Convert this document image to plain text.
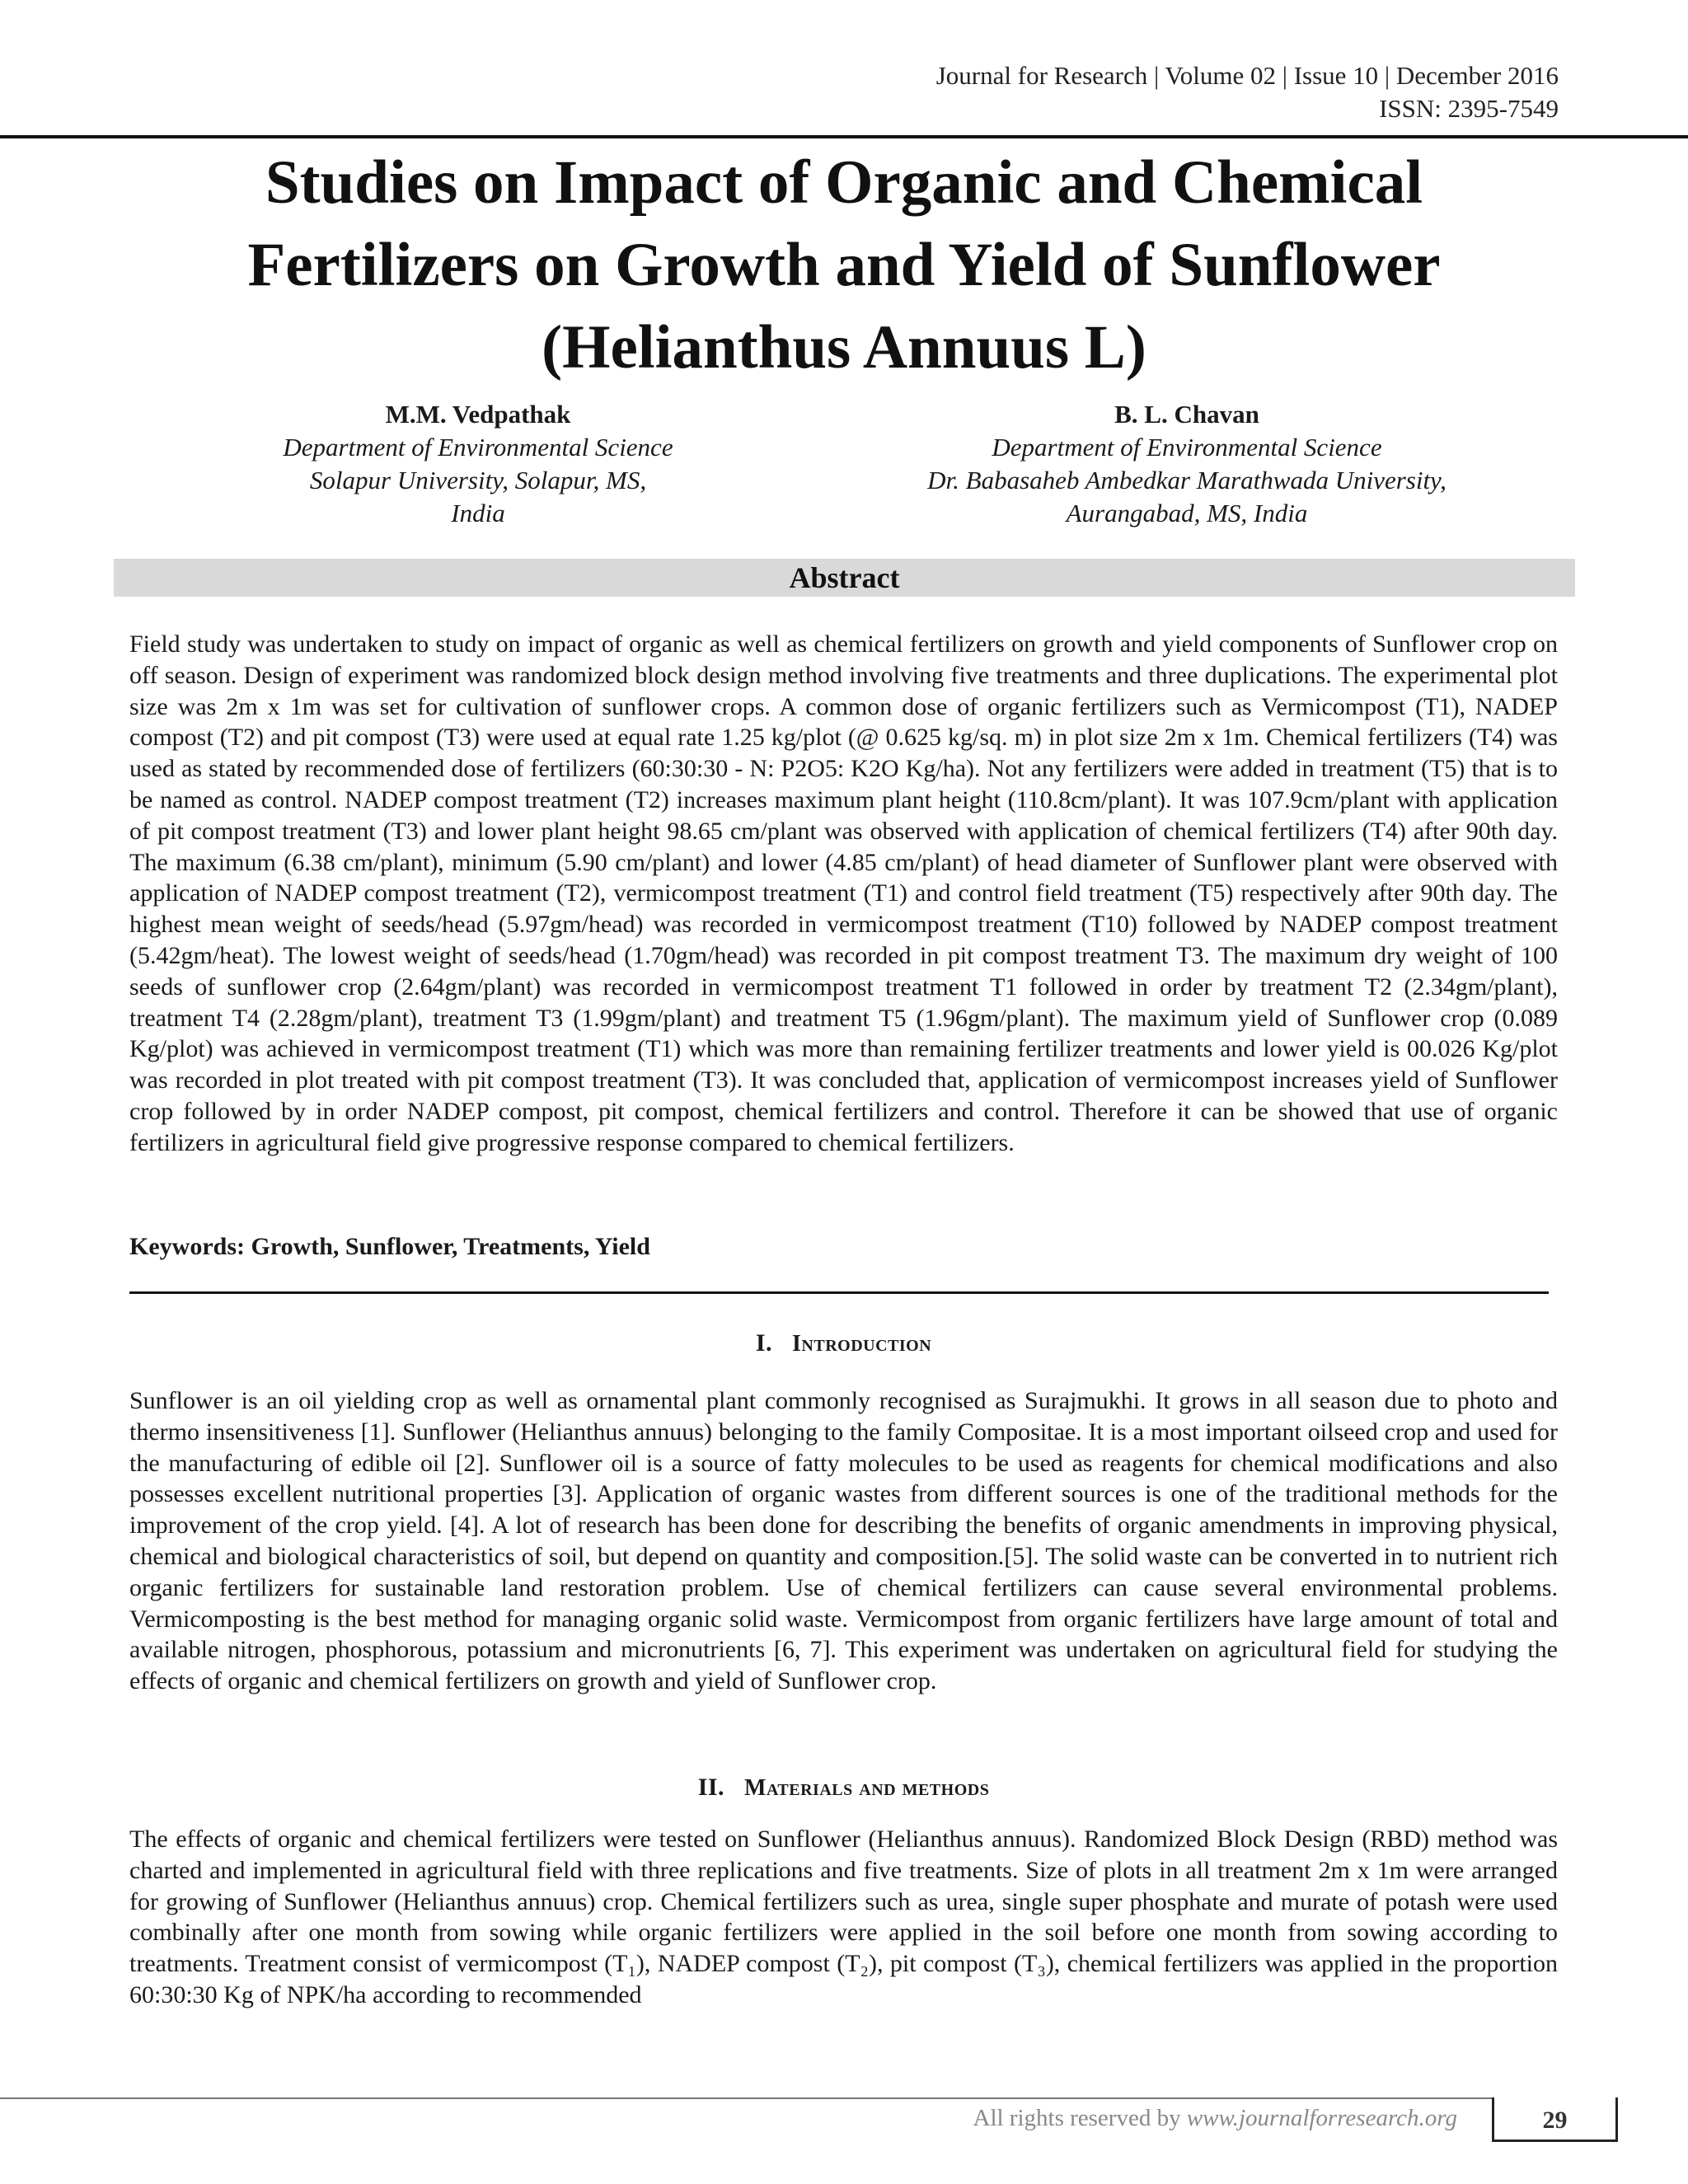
Journal for Research | Volume 02 | Issue 10 | December 2016
ISSN: 2395-7549
Studies on Impact of Organic and Chemical
Fertilizers on Growth and Yield of Sunflower
(Helianthus Annuus L)
M.M. Vedpathak
Department of Environmental Science
Solapur University, Solapur, MS,
India
B. L. Chavan
Department of Environmental Science
Dr. Babasaheb Ambedkar Marathwada University,
Aurangabad, MS, India
Abstract
Field study was undertaken to study on impact of organic as well as chemical fertilizers on growth and yield components of Sunflower crop on off season. Design of experiment was randomized block design method involving five treatments and three duplications. The experimental plot size was 2m x 1m was set for cultivation of sunflower crops. A common dose of organic fertilizers such as Vermicompost (T1), NADEP compost (T2) and pit compost (T3) were used at equal rate 1.25 kg/plot (@ 0.625 kg/sq. m) in plot size 2m x 1m. Chemical fertilizers (T4) was used as stated by recommended dose of fertilizers (60:30:30 - N: P2O5: K2O Kg/ha). Not any fertilizers were added in treatment (T5) that is to be named as control. NADEP compost treatment (T2) increases maximum plant height (110.8cm/plant). It was 107.9cm/plant with application of pit compost treatment (T3) and lower plant height 98.65 cm/plant was observed with application of chemical fertilizers (T4) after 90th day. The maximum (6.38 cm/plant), minimum (5.90 cm/plant) and lower (4.85 cm/plant) of head diameter of Sunflower plant were observed with application of NADEP compost treatment (T2), vermicompost treatment (T1) and control field treatment (T5) respectively after 90th day. The highest mean weight of seeds/head (5.97gm/head) was recorded in vermicompost treatment (T10) followed by NADEP compost treatment (5.42gm/heat). The lowest weight of seeds/head (1.70gm/head) was recorded in pit compost treatment T3. The maximum dry weight of 100 seeds of sunflower crop (2.64gm/plant) was recorded in vermicompost treatment T1 followed in order by treatment T2 (2.34gm/plant), treatment T4 (2.28gm/plant), treatment T3 (1.99gm/plant) and treatment T5 (1.96gm/plant). The maximum yield of Sunflower crop (0.089 Kg/plot) was achieved in vermicompost treatment (T1) which was more than remaining fertilizer treatments and lower yield is 00.026 Kg/plot was recorded in plot treated with pit compost treatment (T3). It was concluded that, application of vermicompost increases yield of Sunflower crop followed by in order NADEP compost, pit compost, chemical fertilizers and control. Therefore it can be showed that use of organic fertilizers in agricultural field give progressive response compared to chemical fertilizers.
Keywords: Growth, Sunflower, Treatments, Yield
I. Introduction
Sunflower is an oil yielding crop as well as ornamental plant commonly recognised as Surajmukhi. It grows in all season due to photo and thermo insensitiveness [1]. Sunflower (Helianthus annuus) belonging to the family Compositae. It is a most important oilseed crop and used for the manufacturing of edible oil [2]. Sunflower oil is a source of fatty molecules to be used as reagents for chemical modifications and also possesses excellent nutritional properties [3]. Application of organic wastes from different sources is one of the traditional methods for the improvement of the crop yield. [4]. A lot of research has been done for describing the benefits of organic amendments in improving physical, chemical and biological characteristics of soil, but depend on quantity and composition.[5]. The solid waste can be converted in to nutrient rich organic fertilizers for sustainable land restoration problem. Use of chemical fertilizers can cause several environmental problems. Vermicomposting is the best method for managing organic solid waste. Vermicompost from organic fertilizers have large amount of total and available nitrogen, phosphorous, potassium and micronutrients [6, 7]. This experiment was undertaken on agricultural field for studying the effects of organic and chemical fertilizers on growth and yield of Sunflower crop.
II. Materials and methods
The effects of organic and chemical fertilizers were tested on Sunflower (Helianthus annuus). Randomized Block Design (RBD) method was charted and implemented in agricultural field with three replications and five treatments. Size of plots in all treatment 2m x 1m were arranged for growing of Sunflower (Helianthus annuus) crop. Chemical fertilizers such as urea, single super phosphate and murate of potash were used combinally after one month from sowing while organic fertilizers were applied in the soil before one month from sowing according to treatments. Treatment consist of vermicompost (T₁), NADEP compost (T₂), pit compost (T₃), chemical fertilizers was applied in the proportion 60:30:30 Kg of NPK/ha according to recommended
All rights reserved by www.journalforresearch.org	29
